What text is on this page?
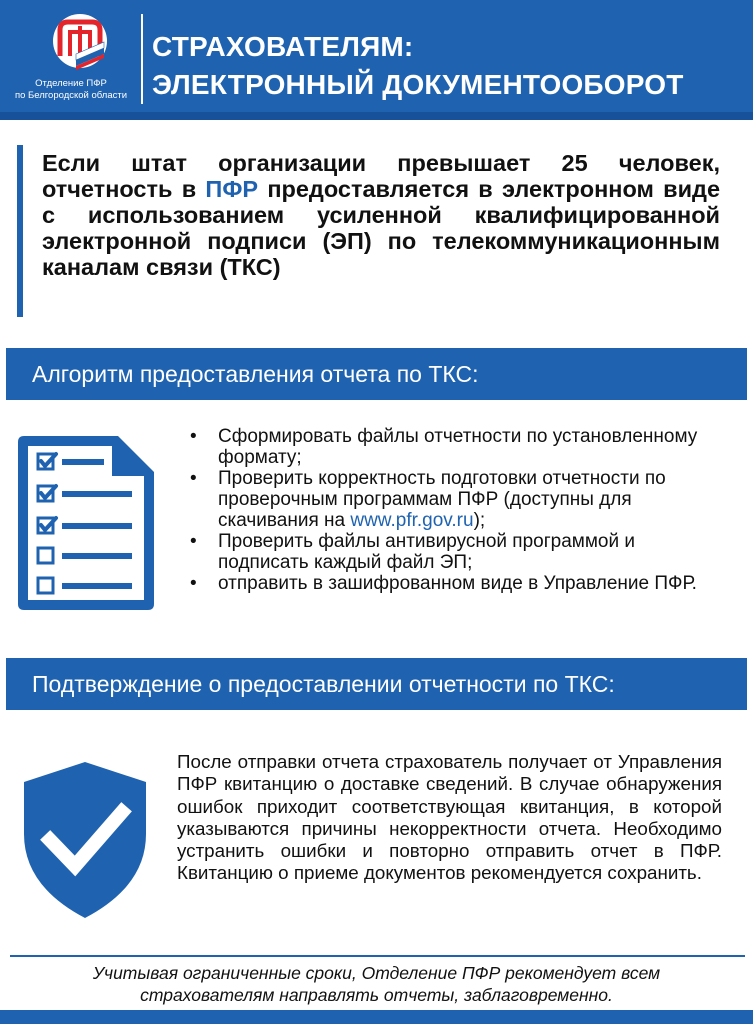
Отделение ПФР
по Белгородской области
СТРАХОВАТЕЛЯМ:
ЭЛЕКТРОННЫЙ ДОКУМЕНТООБОРОТ

Если штат организации превышает 25 человек, отчетность в ПФР предоставляется в электронном виде с использованием усиленной квалифицированной электронной подписи (ЭП) по телекоммуникационным каналам связи (ТКС)

Алгоритм предоставления отчета по ТКС:
• Сформировать файлы отчетности по установленному формату;
• Проверить корректность подготовки отчетности по проверочным программам ПФР (доступны для скачивания на www.pfr.gov.ru);
• Проверить файлы антивирусной программой и подписать каждый файл ЭП;
• отправить в зашифрованном виде в Управление ПФР.
Подтверждение о предоставлении отчетности по ТКС:

После отправки отчета страхователь получает от Управления ПФР квитанцию о доставке сведений. В случае обнаружения ошибок приходит соответствующая квитанция, в которой указываются причины некорректности отчета. Необходимо устранить ошибки и повторно отправить отчет в ПФР. Квитанцию о приеме документов рекомендуется сохранить.

Учитывая ограниченные сроки, Отделение ПФР рекомендует всем
страхователям направлять отчеты, заблаговременно.
